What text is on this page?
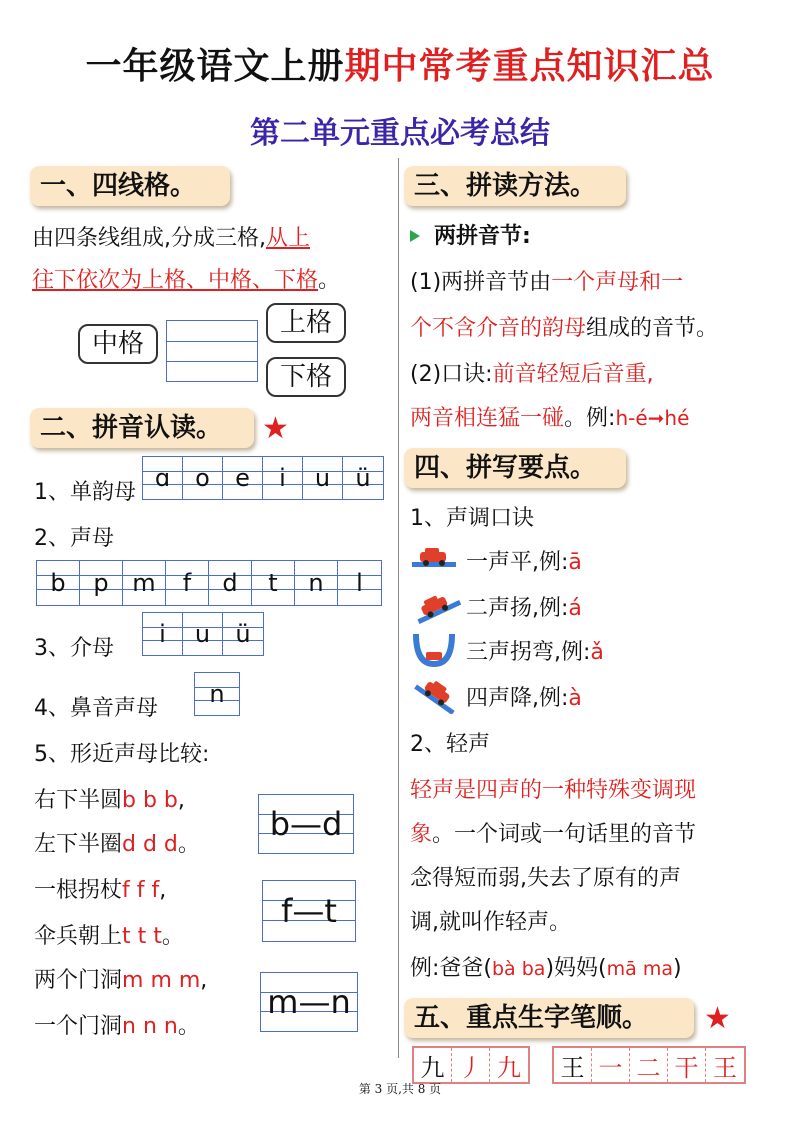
一年级语文上册期中常考重点知识汇总
第二单元重点必考总结
一、四线格。
由四条线组成,分成三格,从上
往下依次为上格、中格、下格。
中格
上格
下格
二、拼音认读。	★
1、单韵母
ɑ	o	e	i	u	ü
2、声母
b	p m	f	d	t	n	l
3、介母
i	u	ü
4、鼻音声母
n
5、形近声母比较:
右下半圆b b b,
左下半圈d d d。
b—d
一根拐杖f f f,
伞兵朝上t t t。
f—t
两个门洞m m m,
一个门洞n n n。
m—n
三、拼读方法。
两拼音节:
(1)两拼音节由一个声母和一
个不含介音的韵母组成的音节。
(2)口诀:前音轻短后音重,
两音相连猛一碰。例:h-é➞hé
四、拼写要点。
1、声调口诀
一声平,例:ā
二声扬,例:á
三声拐弯,例:ǎ
四声降,例:à
2、轻声
轻声是四声的一种特殊变调现
象。一个词或一句话里的音节
念得短而弱,失去了原有的声
调,就叫作轻声。
例:爸爸(bà ba)妈妈(mā ma)
五、重点生字笔顺。	★
九 丿 九 王 一 二 干 王
第 3 页,共 8 页
